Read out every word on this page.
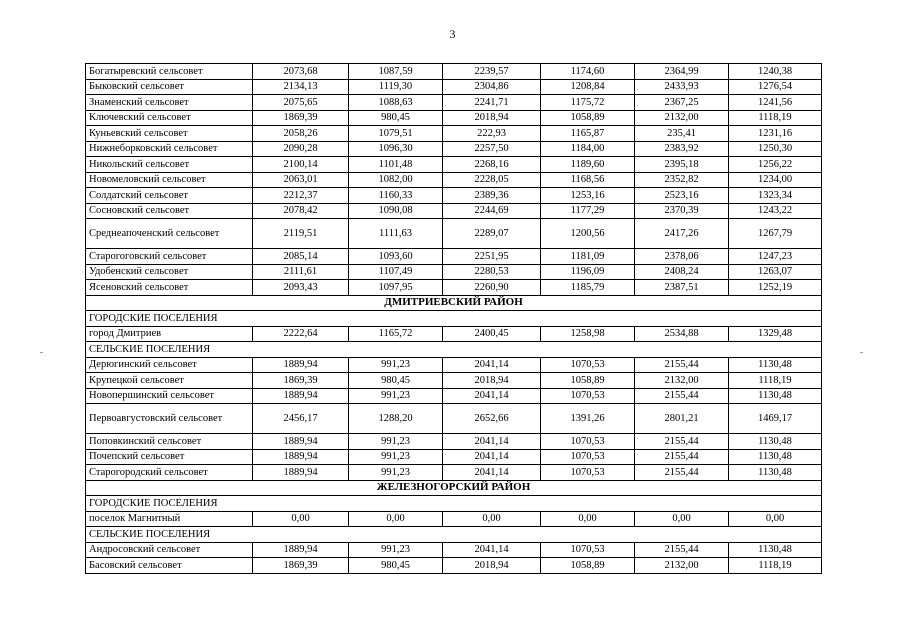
3
Богатыревский сельсовет	2073,68	1087,59	2239,57	1174,60	2364,99	1240,38
Быковский сельсовет	2134,13	1119,30	2304,86	1208,84	2433,93	1276,54
Знаменский сельсовет	2075,65	1088,63	2241,71	1175,72	2367,25	1241,56
Ключевский сельсовет	1869,39	980,45	2018,94	1058,89	2132,00	1118,19
Куньевский сельсовет	2058,26	1079,51	222,93	1165,87	235,41	1231,16
Нижнеборковский сельсовет	2090,28	1096,30	2257,50	1184,00	2383,92	1250,30
Никольский сельсовет	2100,14	1101,48	2268,16	1189,60	2395,18	1256,22
Новомеловский сельсовет	2063,01	1082,00	2228,05	1168,56	2352,82	1234,00
Солдатский сельсовет	2212,37	1160,33	2389,36	1253,16	2523,16	1323,34
Сосновский сельсовет	2078,42	1090,08	2244,69	1177,29	2370,39	1243,22
Среднеапоченский сельсовет	2119,51	1111,63	2289,07	1200,56	2417,26	1267,79
Старогоговский сельсовет	2085,14	1093,60	2251,95	1181,09	2378,06	1247,23
Удобенский сельсовет	2111,61	1107,49	2280,53	1196,09	2408,24	1263,07
Ясеновский сельсовет	2093,43	1097,95	2260,90	1185,79	2387,51	1252,19
ДМИТРИЕВСКИЙ РАЙОН						
ГОРОДСКИЕ ПОСЕЛЕНИЯ						
город Дмитриев	2222,64	1165,72	2400,45	1258,98	2534,88	1329,48
СЕЛЬСКИЕ ПОСЕЛЕНИЯ						
Дерюгинский сельсовет	1889,94	991,23	2041,14	1070,53	2155,44	1130,48
Крупецкой сельсовет	1869,39	980,45	2018,94	1058,89	2132,00	1118,19
Новопершинский сельсовет	1889,94	991,23	2041,14	1070,53	2155,44	1130,48
Первоавгустовский сельсовет	2456,17	1288,20	2652,66	1391,26	2801,21	1469,17
Поповкинский сельсовет	1889,94	991,23	2041,14	1070,53	2155,44	1130,48
Почепский сельсовет	1889,94	991,23	2041,14	1070,53	2155,44	1130,48
Старогородский сельсовет	1889,94	991,23	2041,14	1070,53	2155,44	1130,48
ЖЕЛЕЗНОГОРСКИЙ РАЙОН						
ГОРОДСКИЕ ПОСЕЛЕНИЯ						
поселок Магнитный	0,00	0,00	0,00	0,00	0,00	0,00
СЕЛЬСКИЕ ПОСЕЛЕНИЯ						
Андросовский сельсовет	1889,94	991,23	2041,14	1070,53	2155,44	1130,48
Басовский сельсовет	1869,39	980,45	2018,94	1058,89	2132,00	1118,19
